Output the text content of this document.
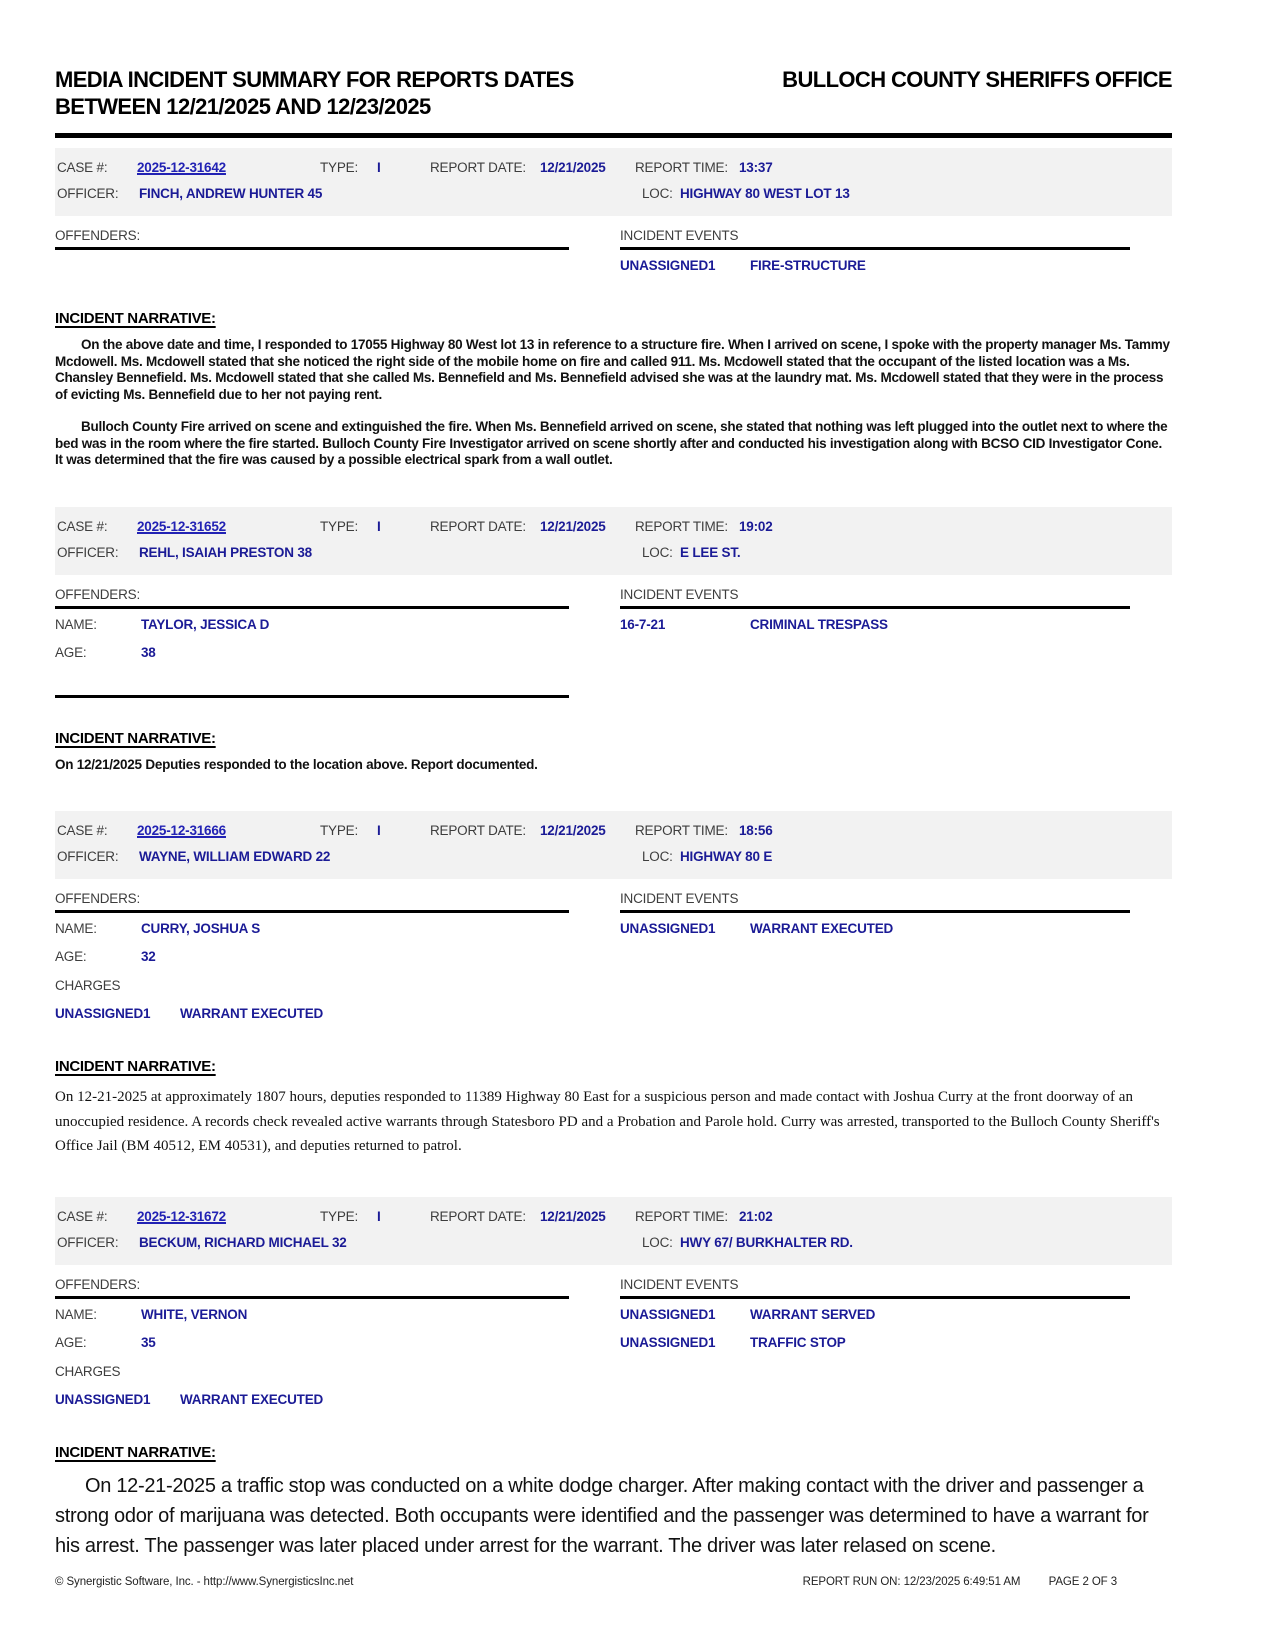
MEDIA INCIDENT SUMMARY FOR REPORTS DATES
BETWEEN 12/21/2025 AND 12/23/2025
BULLOCH COUNTY SHERIFFS OFFICE
CASE #:	2025-12-31642	TYPE:	I	REPORT DATE:	12/21/2025	REPORT TIME: 13:37
OFFICER:	FINCH, ANDREW HUNTER 45	LOC: HIGHWAY 80 WEST LOT 13
OFFENDERS:	INCIDENT EVENTS
UNASSIGNED1	FIRE-STRUCTURE
INCIDENT NARRATIVE:

On the above date and time, I responded to 17055 Highway 80 West lot 13 in reference to a structure fire. When I arrived on scene, I spoke with the property manager Ms. Tammy Mcdowell. Ms. Mcdowell stated that she noticed the right side of the mobile home on fire and called 911. Ms. Mcdowell stated that the occupant of the listed location was a Ms. Chansley Bennefield. Ms. Mcdowell stated that she called Ms. Bennefield and Ms. Bennefield advised she was at the laundry mat. Ms. Mcdowell stated that they were in the process of evicting Ms. Bennefield due to her not paying rent.

Bulloch County Fire arrived on scene and extinguished the fire. When Ms. Bennefield arrived on scene, she stated that nothing was left plugged into the outlet next to where the bed was in the room where the fire started. Bulloch County Fire Investigator arrived on scene shortly after and conducted his investigation along with BCSO CID Investigator Cone. It was determined that the fire was caused by a possible electrical spark from a wall outlet.

CASE #:	2025-12-31652	TYPE:	I	REPORT DATE:	12/21/2025	REPORT TIME: 19:02
OFFICER:	REHL, ISAIAH PRESTON 38	LOC: E LEE ST.
OFFENDERS:
NAME:	TAYLOR, JESSICA D
AGE:	38
INCIDENT EVENTS
16-7-21	CRIMINAL TRESPASS
INCIDENT NARRATIVE:

On 12/21/2025 Deputies responded to the location above. Report documented.

CASE #:	2025-12-31666	TYPE:	I	REPORT DATE:	12/21/2025	REPORT TIME: 18:56
OFFICER:	WAYNE, WILLIAM EDWARD 22	LOC: HIGHWAY 80 E
OFFENDERS:
NAME:	CURRY, JOSHUA S
AGE:	32
CHARGES
UNASSIGNED1	WARRANT EXECUTED
INCIDENT EVENTS
UNASSIGNED1	WARRANT EXECUTED
INCIDENT NARRATIVE:

On 12-21-2025 at approximately 1807 hours, deputies responded to 11389 Highway 80 East for a suspicious person and made contact with Joshua Curry at the front doorway of an unoccupied residence. A records check revealed active warrants through Statesboro PD and a Probation and Parole hold. Curry was arrested, transported to the Bulloch County Sheriff's Office Jail (BM 40512, EM 40531), and deputies returned to patrol.

CASE #:	2025-12-31672	TYPE:	I	REPORT DATE:	12/21/2025	REPORT TIME: 21:02
OFFICER:	BECKUM, RICHARD MICHAEL 32	LOC: HWY 67/ BURKHALTER RD.
OFFENDERS:
NAME:	WHITE, VERNON
AGE:	35
CHARGES
UNASSIGNED1	WARRANT EXECUTED
INCIDENT EVENTS
UNASSIGNED1	WARRANT SERVED
UNASSIGNED1	TRAFFIC STOP
INCIDENT NARRATIVE:

On 12-21-2025 a traffic stop was conducted on a white dodge charger. After making contact with the driver and passenger a strong odor of marijuana was detected. Both occupants were identified and the passenger was determined to have a warrant for his arrest. The passenger was later placed under arrest for the warrant. The driver was later relased on scene.

© Synergistic Software, Inc. - http://www.SynergisticsInc.net	REPORT RUN ON: 12/23/2025 6:49:51 AM PAGE 2 OF 3
